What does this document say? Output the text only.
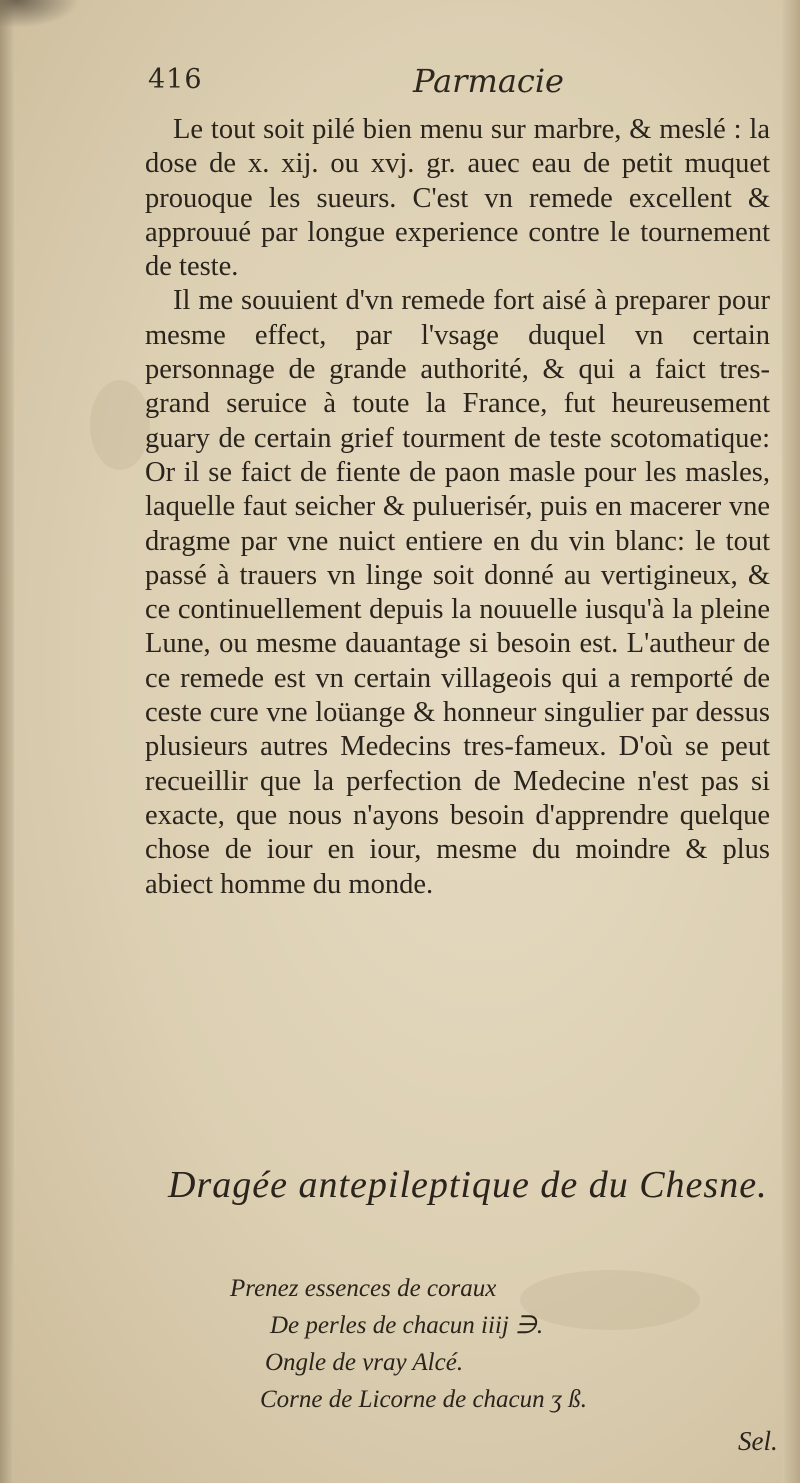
416	Parmacie

Le tout soit pilé bien menu sur marbre, & meslé : la dose de x. xij. ou xvj. gr. auec eau de petit muquet prouoque les sueurs. C'est vn remede excellent & approuué par longue experience contre le tournement de teste.

Il me souuient d'vn remede fort aisé à preparer pour mesme effect, par l'vsage duquel vn certain personnage de grande authorité, & qui a faict tres-grand seruice à toute la France, fut heureusement guary de certain grief tourment de teste scotomatique: Or il se faict de fiente de paon masle pour les masles, laquelle faut seicher & puluerisér, puis en macerer vne dragme par vne nuict entiere en du vin blanc: le tout passé à trauers vn linge soit donné au vertigineux, & ce continuellement depuis la nouuelle iusqu'à la pleine Lune, ou mesme dauantage si besoin est. L'autheur de ce remede est vn certain villageois qui a remporté de ceste cure vne loüange & honneur singulier par dessus plusieurs autres Medecins tres-fameux. D'où se peut recueillir que la perfection de Medecine n'est pas si exacte, que nous n'ayons besoin d'apprendre quelque chose de iour en iour, mesme du moindre & plus abiect homme du monde.

Dragée antepileptique de du Chesne.
Prenez essences de coraux
De perles de chacun iiij ∋.
Ongle de vray Alcé.
Corne de Licorne de chacun ʒ ß.
Sel.
